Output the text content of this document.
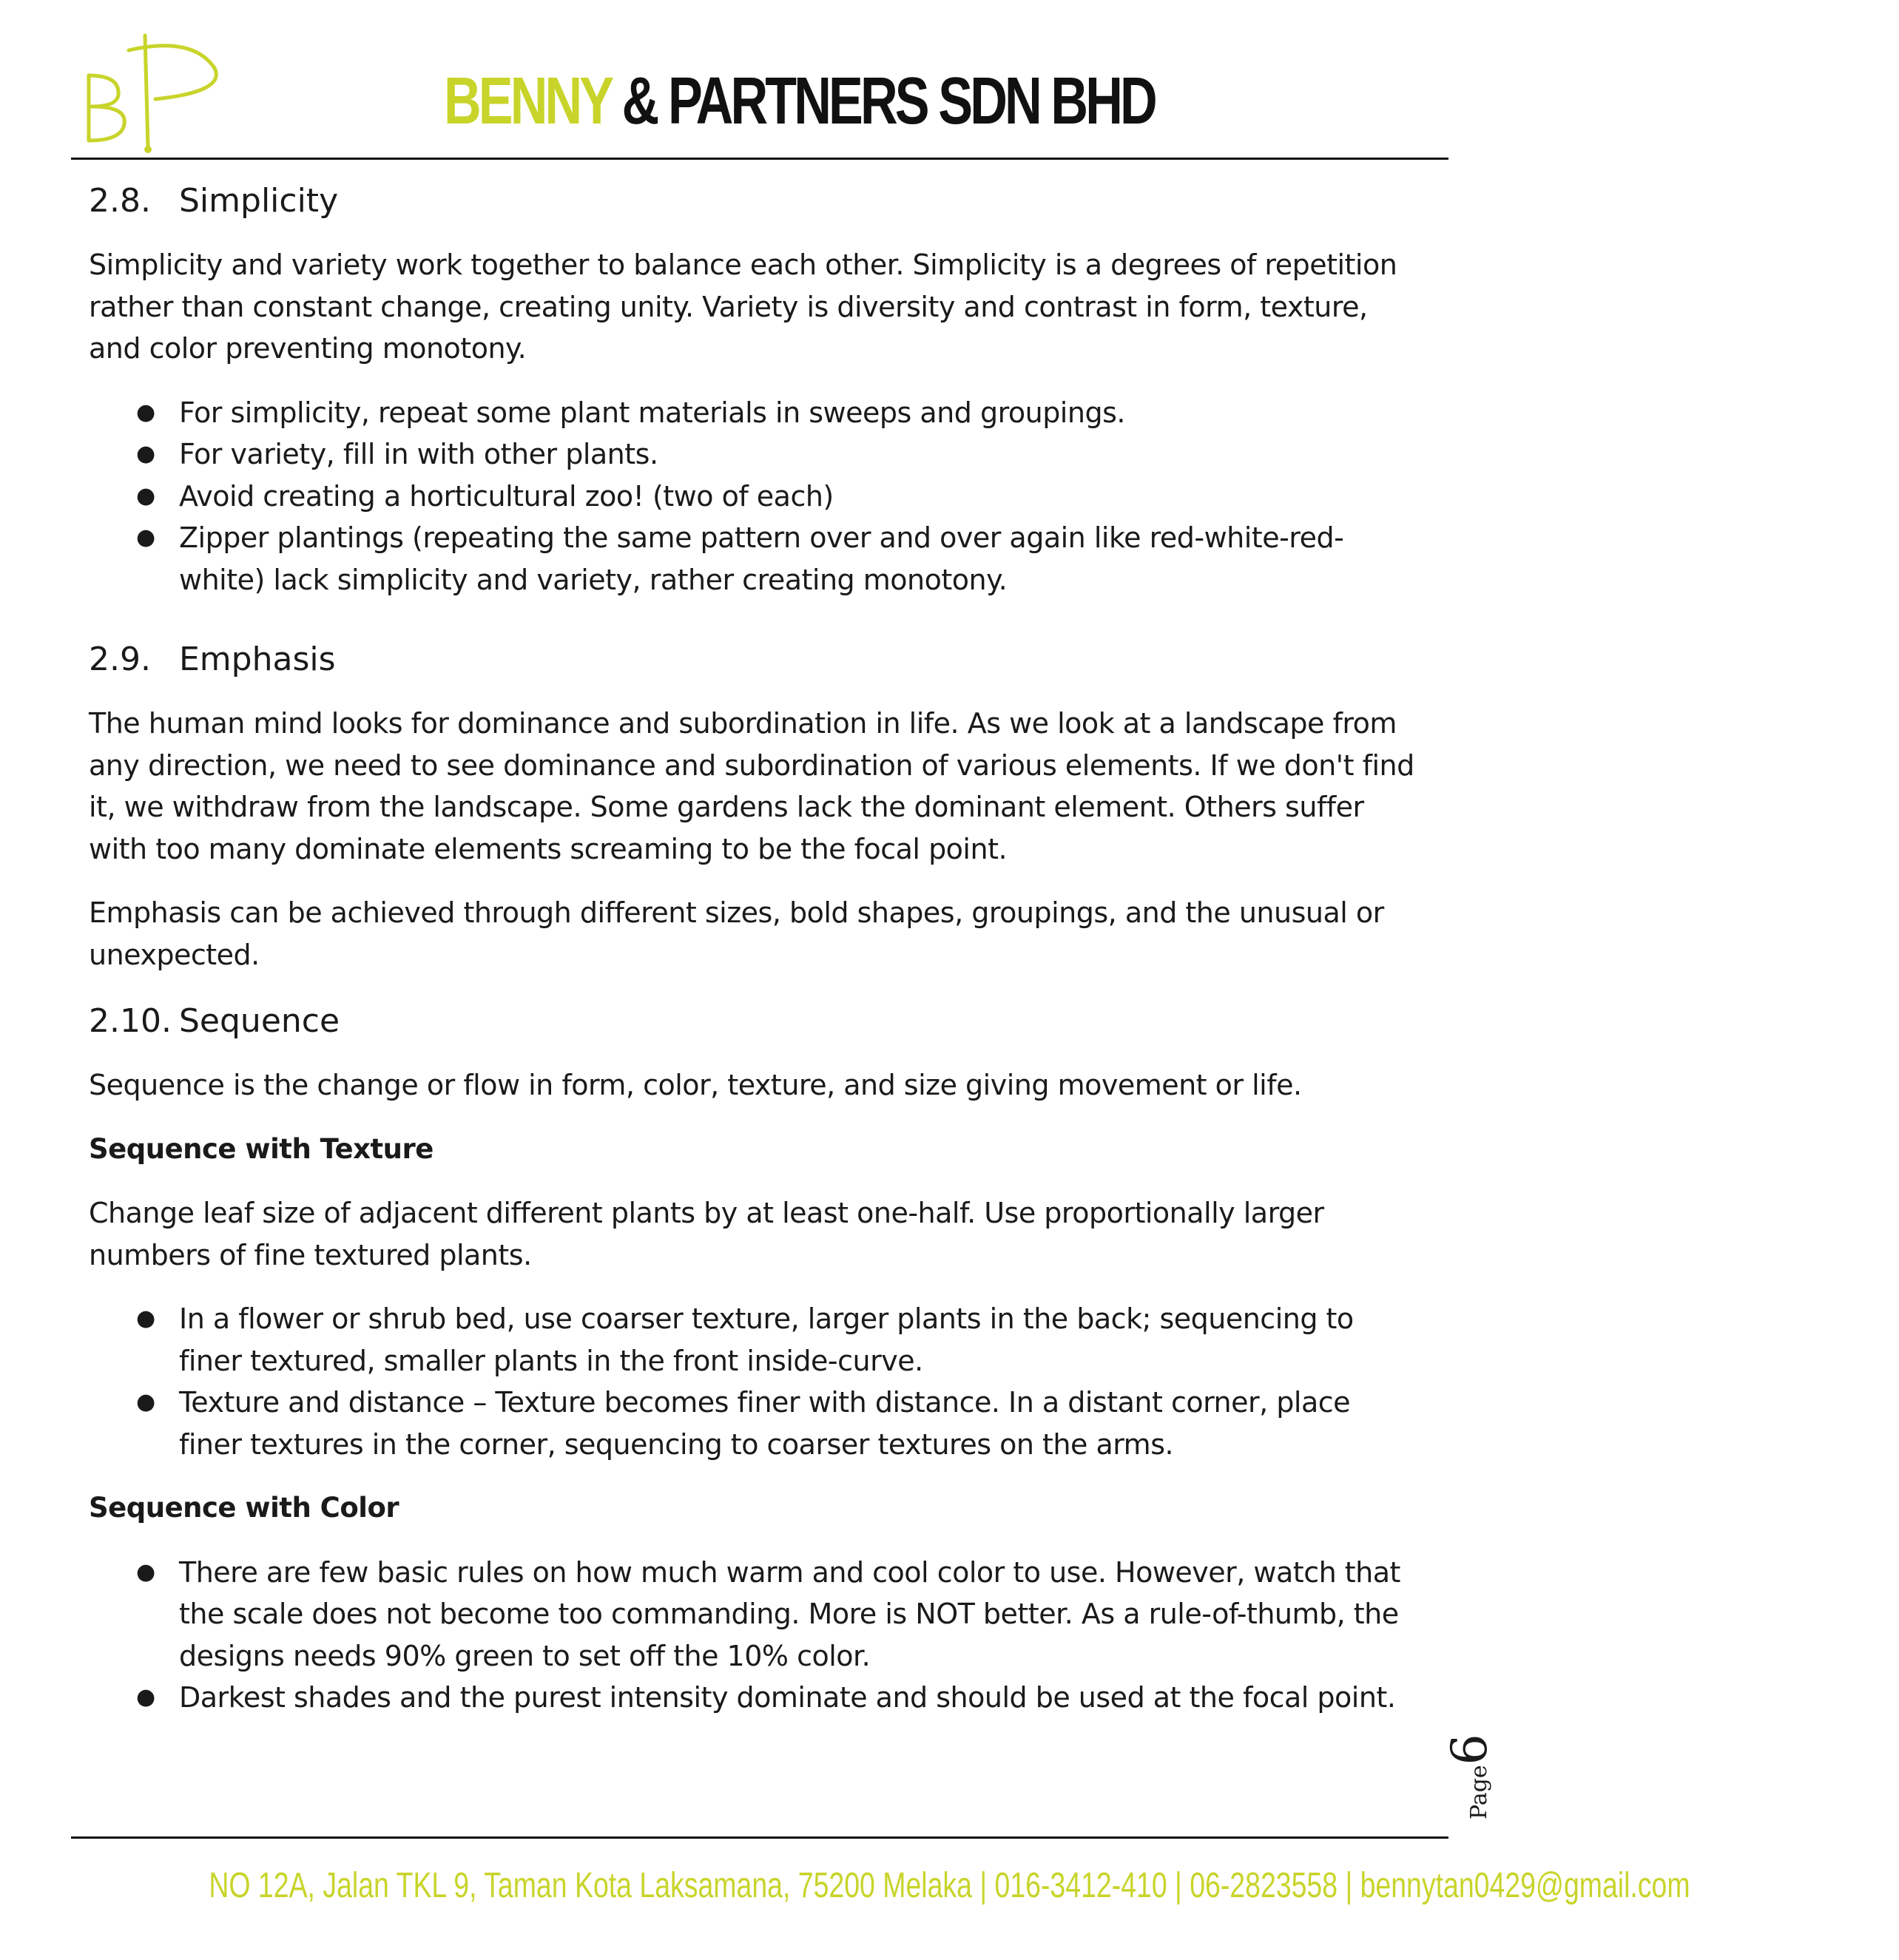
BENNY & PARTNERS SDN BHD
2.8. Simplicity

Simplicity and variety work together to balance each other. Simplicity is a degrees of repetition rather than constant change, creating unity. Variety is diversity and contrast in form, texture, and color preventing monotony.

● For simplicity, repeat some plant materials in sweeps and groupings.
● For variety, fill in with other plants.
● Avoid creating a horticultural zoo! (two of each)
● Zipper plantings (repeating the same pattern over and over again like red-white-red-white) lack simplicity and variety, rather creating monotony.
2.9. Emphasis

The human mind looks for dominance and subordination in life. As we look at a landscape from any direction, we need to see dominance and subordination of various elements. If we don't find it, we withdraw from the landscape. Some gardens lack the dominant element. Others suffer with too many dominate elements screaming to be the focal point.

Emphasis can be achieved through different sizes, bold shapes, groupings, and the unusual or unexpected.

2.10. Sequence

Sequence is the change or flow in form, color, texture, and size giving movement or life.

Sequence with Texture

Change leaf size of adjacent different plants by at least one-half. Use proportionally larger numbers of fine textured plants.

● In a flower or shrub bed, use coarser texture, larger plants in the back; sequencing to finer textured, smaller plants in the front inside-curve.
● Texture and distance – Texture becomes finer with distance. In a distant corner, place finer textures in the corner, sequencing to coarser textures on the arms.

Sequence with Color

● There are few basic rules on how much warm and cool color to use. However, watch that the scale does not become too commanding. More is NOT better. As a rule-of-thumb, the designs needs 90% green to set off the 10% color.
● Darkest shades and the purest intensity dominate and should be used at the focal point.
Page6
NO 12A, Jalan TKL 9, Taman Kota Laksamana, 75200 Melaka | 016-3412-410 | 06-2823558 | bennytan0429@gmail.com
